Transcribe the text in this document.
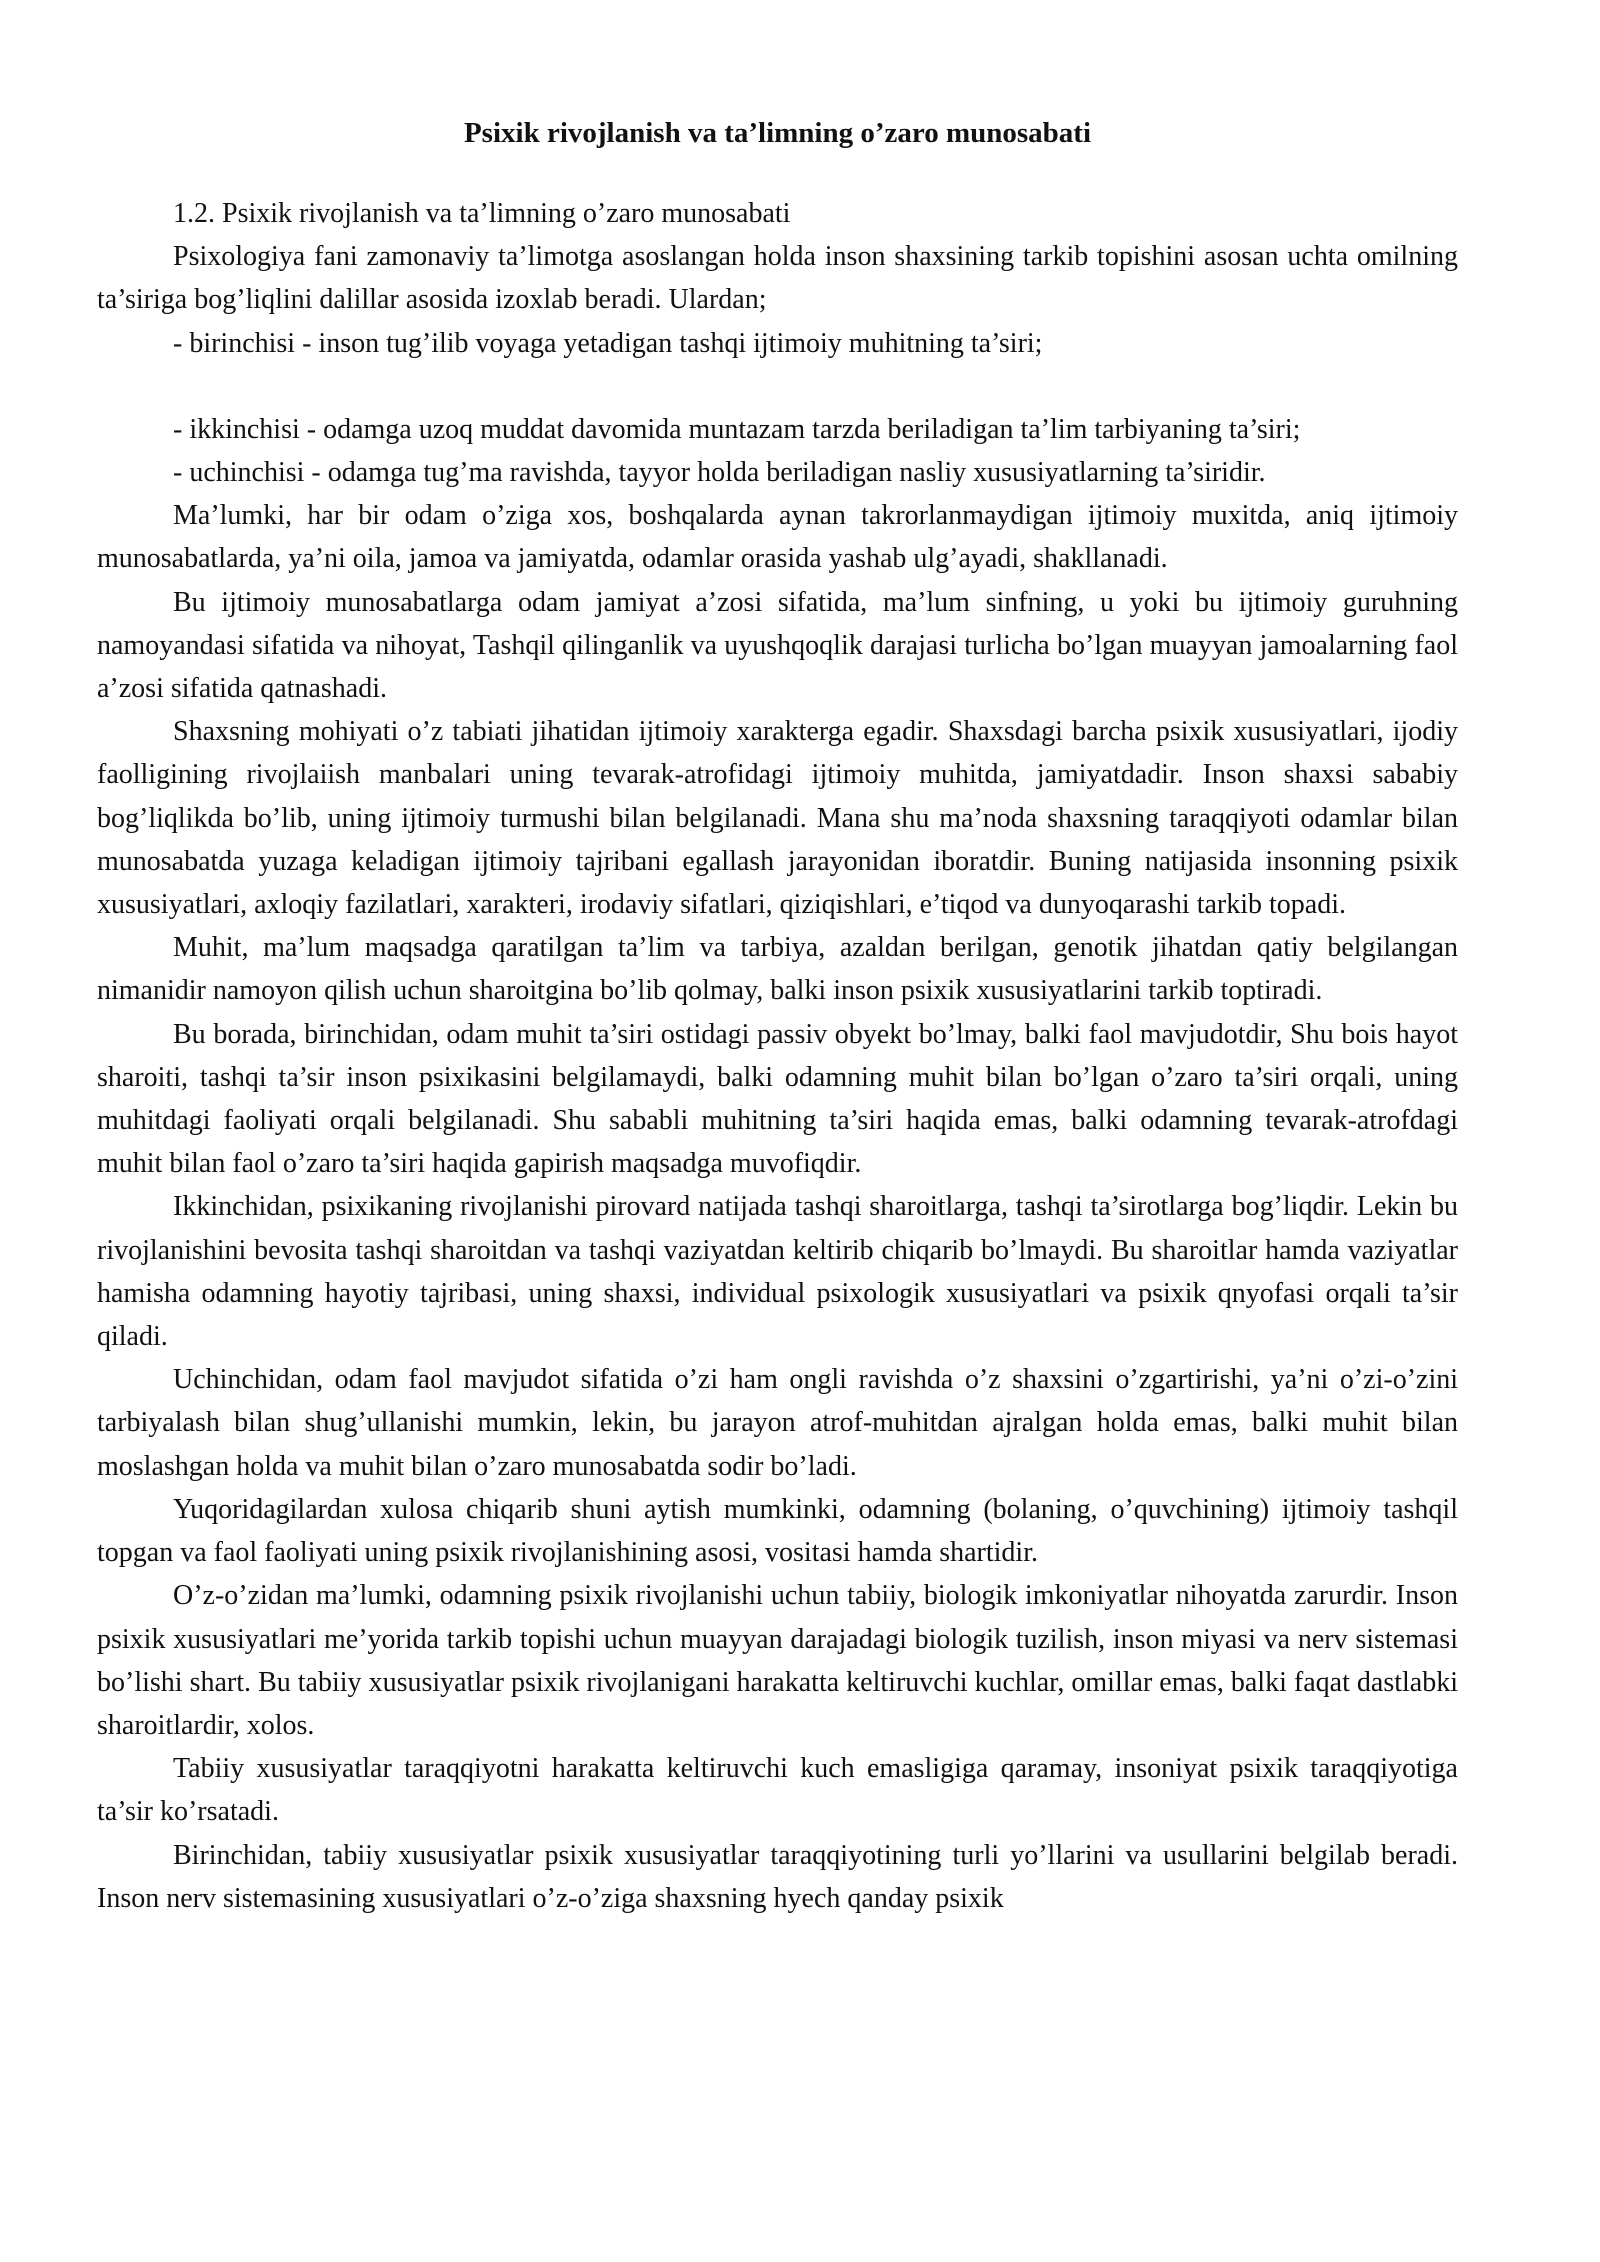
Psixik rivojlanish va ta’limning o’zaro munosabati

1.2. Psixik rivojlanish va ta’limning o’zaro munosabati

Psixologiya fani zamonaviy ta’limotga asoslangan holda inson shaxsining tarkib topishini asosan uchta omilning ta’siriga bog’liqlini dalillar asosida izoxlab beradi. Ulardan;

- birinchisi - inson tug’ilib voyaga yetadigan tashqi ijtimoiy muhitning ta’siri;

- ikkinchisi - odamga uzoq muddat davomida muntazam tarzda beriladigan ta’lim tarbiyaning ta’siri;

- uchinchisi - odamga tug’ma ravishda, tayyor holda beriladigan nasliy xususiyatlarning ta’siridir.

Ma’lumki, har bir odam o’ziga xos, boshqalarda aynan takrorlanmaydigan ijtimoiy muxitda, aniq ijtimoiy munosabatlarda, ya’ni oila, jamoa va jamiyatda, odamlar orasida yashab ulg’ayadi, shakllanadi.

Bu ijtimoiy munosabatlarga odam jamiyat a’zosi sifatida, ma’lum sinfning, u yoki bu ijtimoiy guruhning namoyandasi sifatida va nihoyat, Tashqil qilinganlik va uyushqoqlik darajasi turlicha bo’lgan muayyan jamoalarning faol a’zosi sifatida qatnashadi.

Shaxsning mohiyati o’z tabiati jihatidan ijtimoiy xarakterga egadir. Shaxsdagi barcha psixik xususiyatlari, ijodiy faolligining rivojlaiish manbalari uning tevarak-atrofidagi ijtimoiy muhitda, jamiyatdadir. Inson shaxsi sababiy bog’liqlikda bo’lib, uning ijtimoiy turmushi bilan belgilanadi. Mana shu ma’noda shaxsning taraqqiyoti odamlar bilan munosabatda yuzaga keladigan ijtimoiy tajribani egallash jarayonidan iboratdir. Buning natijasida insonning psixik xususiyatlari, axloqiy fazilatlari, xarakteri, irodaviy sifatlari, qiziqishlari, e’tiqod va dunyoqarashi tarkib topadi.

Muhit, ma’lum maqsadga qaratilgan ta’lim va tarbiya, azaldan berilgan, genotik jihatdan qatiy belgilangan nimanidir namoyon qilish uchun sharoitgina bo’lib qolmay, balki inson psixik xususiyatlarini tarkib toptiradi.

Bu borada, birinchidan, odam muhit ta’siri ostidagi passiv obyekt bo’lmay, balki faol mavjudotdir, Shu bois hayot sharoiti, tashqi ta’sir inson psixikasini belgilamaydi, balki odamning muhit bilan bo’lgan o’zaro ta’siri orqali, uning muhitdagi faoliyati orqali belgilanadi. Shu sababli muhitning ta’siri haqida emas, balki odamning tevarak-atrofdagi muhit bilan faol o’zaro ta’siri haqida gapirish maqsadga muvofiqdir.

Ikkinchidan, psixikaning rivojlanishi pirovard natijada tashqi sharoitlarga, tashqi ta’sirotlarga bog’liqdir. Lekin bu rivojlanishini bevosita tashqi sharoitdan va tashqi vaziyatdan keltirib chiqarib bo’lmaydi. Bu sharoitlar hamda vaziyatlar hamisha odamning hayotiy tajribasi, uning shaxsi, individual psixologik xususiyatlari va psixik qnyofasi orqali ta’sir qiladi.

Uchinchidan, odam faol mavjudot sifatida o’zi ham ongli ravishda o’z shaxsini o’zgartirishi, ya’ni o’zi-o’zini tarbiyalash bilan shug’ullanishi mumkin, lekin, bu jarayon atrof-muhitdan ajralgan holda emas, balki muhit bilan moslashgan holda va muhit bilan o’zaro munosabatda sodir bo’ladi.

Yuqoridagilardan xulosa chiqarib shuni aytish mumkinki, odamning (bolaning, o’quvchining) ijtimoiy tashqil topgan va faol faoliyati uning psixik rivojlanishining asosi, vositasi hamda shartidir.

O’z-o’zidan ma’lumki, odamning psixik rivojlanishi uchun tabiiy, biologik imkoniyatlar nihoyatda zarurdir. Inson psixik xususiyatlari me’yorida tarkib topishi uchun muayyan darajadagi biologik tuzilish, inson miyasi va nerv sistemasi bo’lishi shart. Bu tabiiy xususiyatlar psixik rivojlanigani harakatta keltiruvchi kuchlar, omillar emas, balki faqat dastlabki sharoitlardir, xolos.

Tabiiy xususiyatlar taraqqiyotni harakatta keltiruvchi kuch emasligiga qaramay, insoniyat psixik taraqqiyotiga ta’sir ko’rsatadi.

Birinchidan, tabiiy xususiyatlar psixik xususiyatlar taraqqiyotining turli yo’llarini va usullarini belgilab beradi. Inson nerv sistemasining xususiyatlari o’z-o’ziga shaxsning hyech qanday psixik
